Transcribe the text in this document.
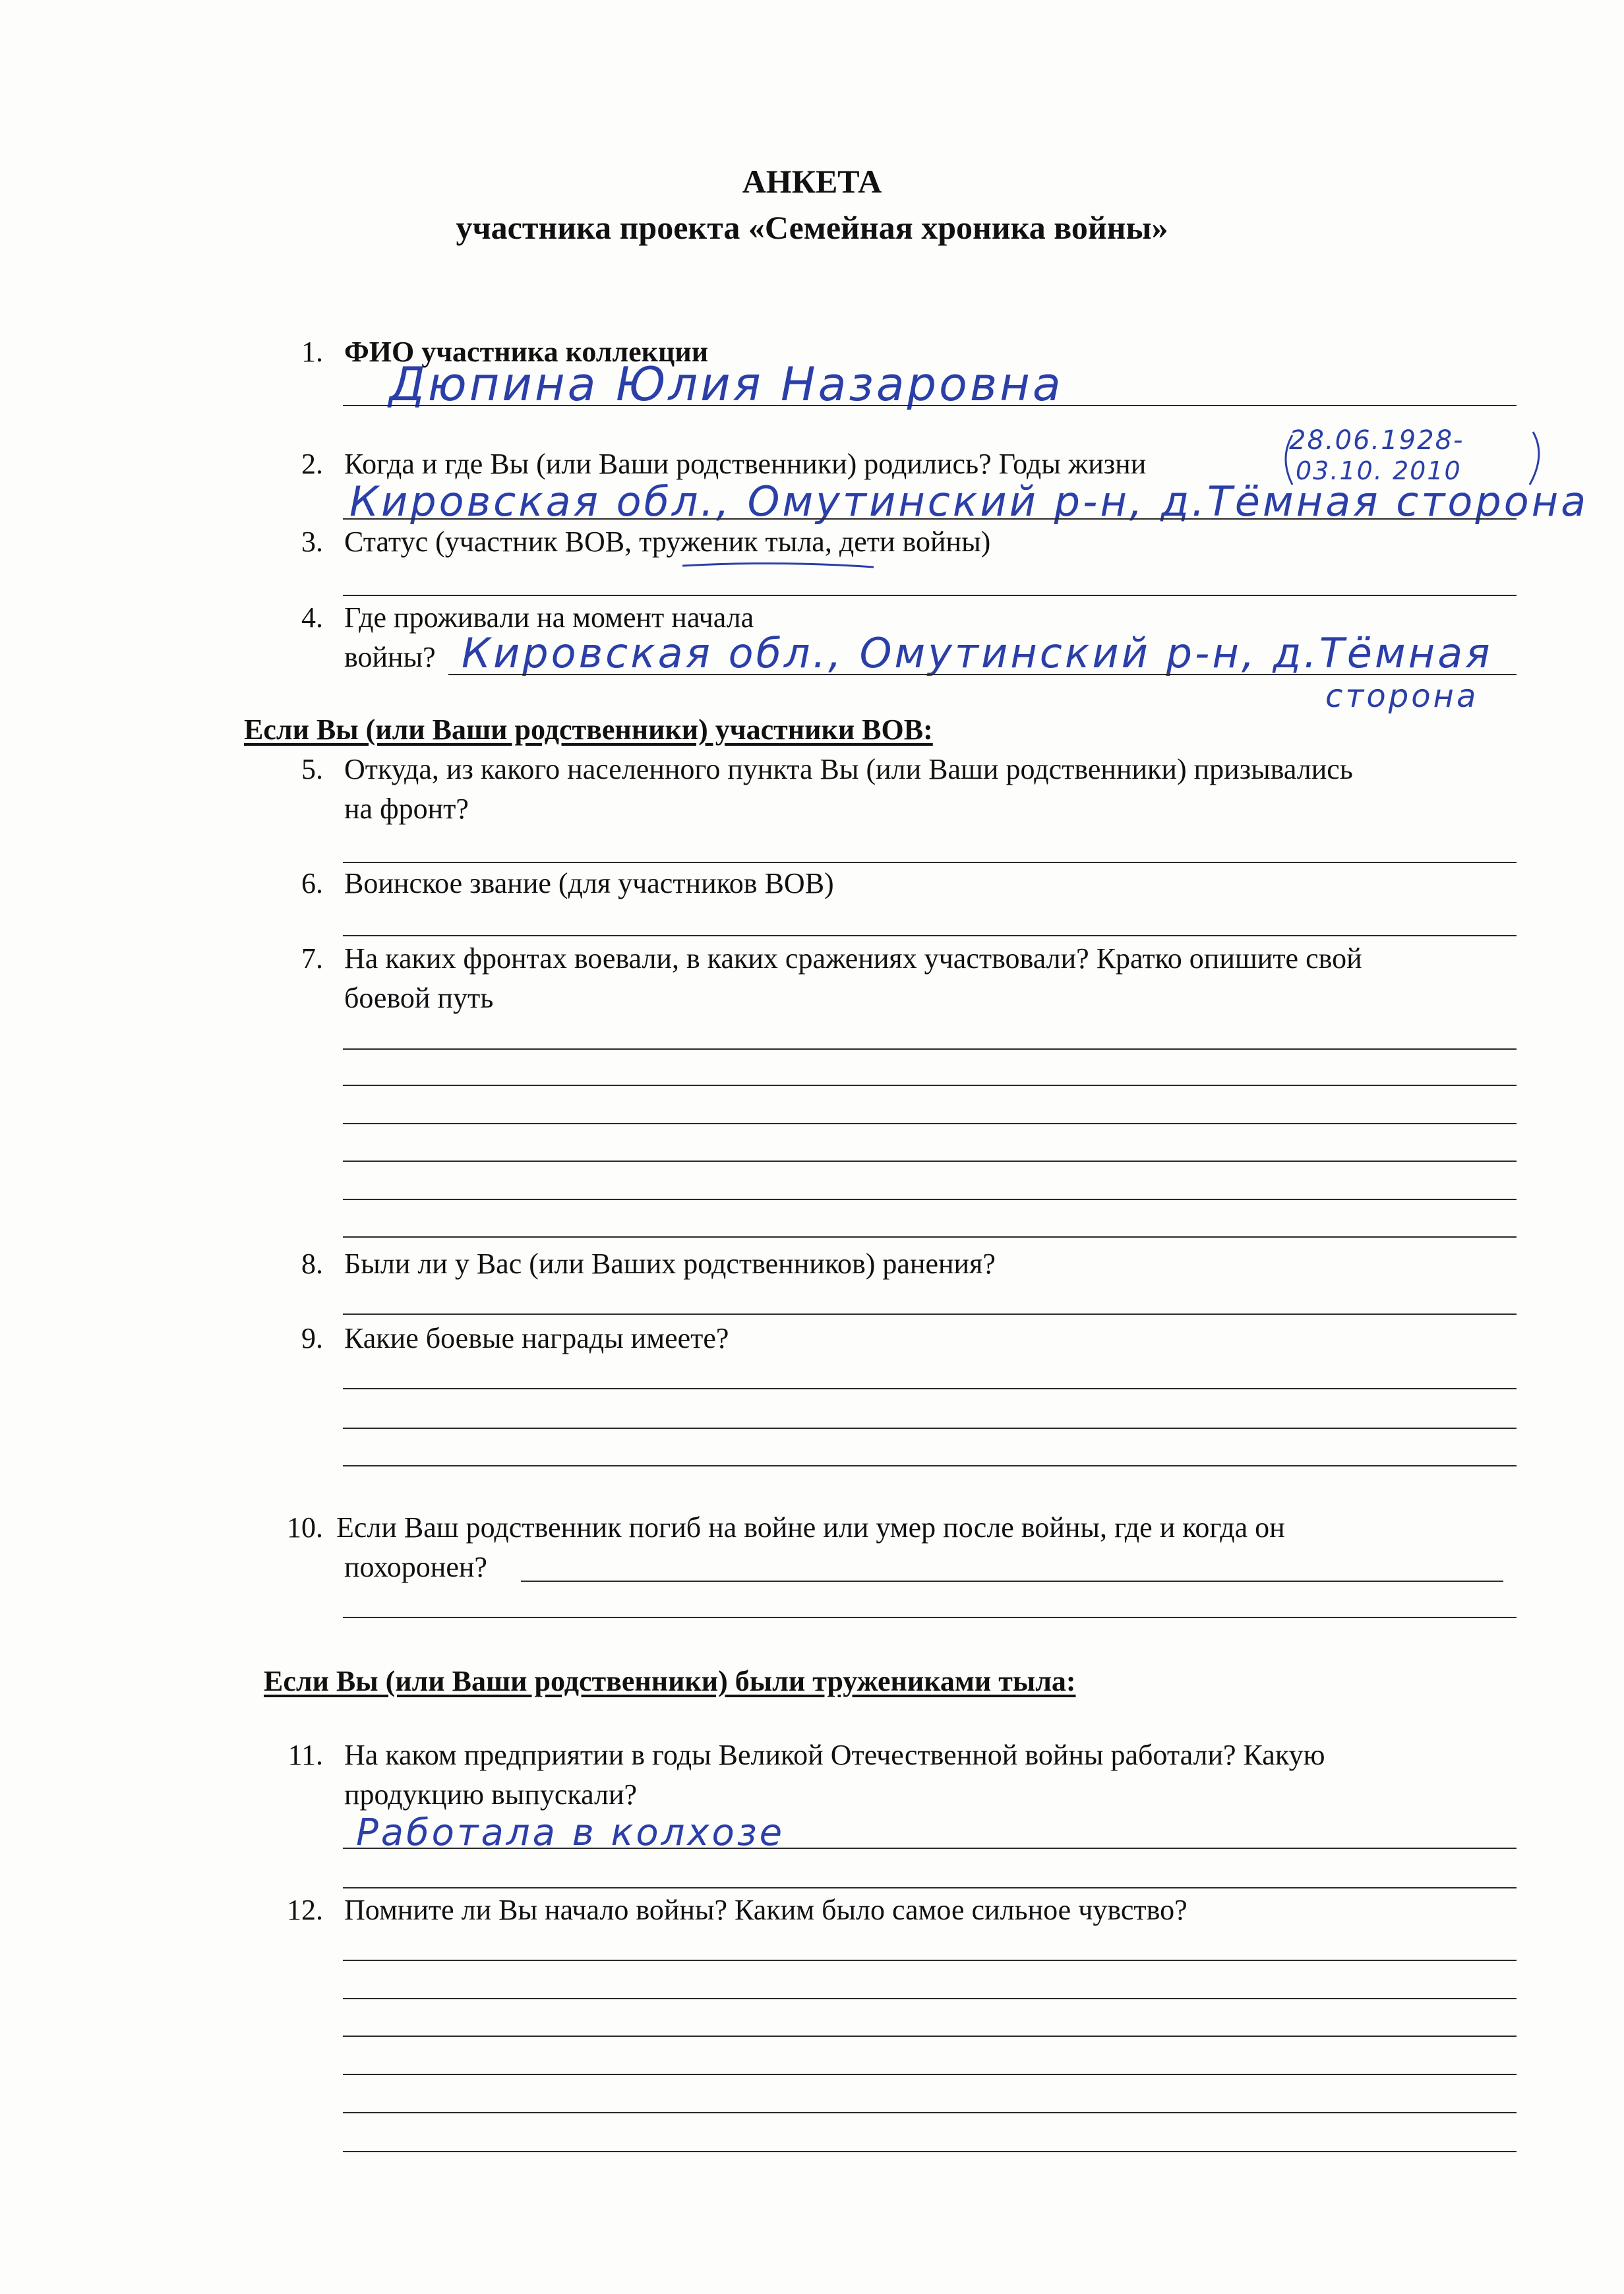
АНКЕТА
участника проекта «Семейная хроника войны»
1. ФИО участника коллекции
Дюпина Юлия Назаровна
2. Когда и где Вы (или Ваши родственники) родились? Годы жизни
28.06.1928-
03.10. 2010
Кировская обл., Омутинский р-н, д.Тёмная сторона
3. Статус (участник ВОВ, труженик тыла, дети войны)
4. Где проживали на момент начала
войны? Кировская обл., Омутинский р-н, д.Тёмная
сторона
Если Вы (или Ваши родственники) участники ВОВ:
5. Откуда, из какого населенного пункта Вы (или Ваши родственники) призывались
на фронт?
6. Воинское звание (для участников ВОВ)
7. На каких фронтах воевали, в каких сражениях участвовали? Кратко опишите свой
боевой путь
8. Были ли у Вас (или Ваших родственников) ранения?
9. Какие боевые награды имеете?
10. Если Ваш родственник погиб на войне или умер после войны, где и когда он
похоронен?
Если Вы (или Ваши родственники) были тружениками тыла:
11. На каком предприятии в годы Великой Отечественной войны работали? Какую
продукцию выпускали?
Работала в колхозе
12. Помните ли Вы начало войны? Каким было самое сильное чувство?
